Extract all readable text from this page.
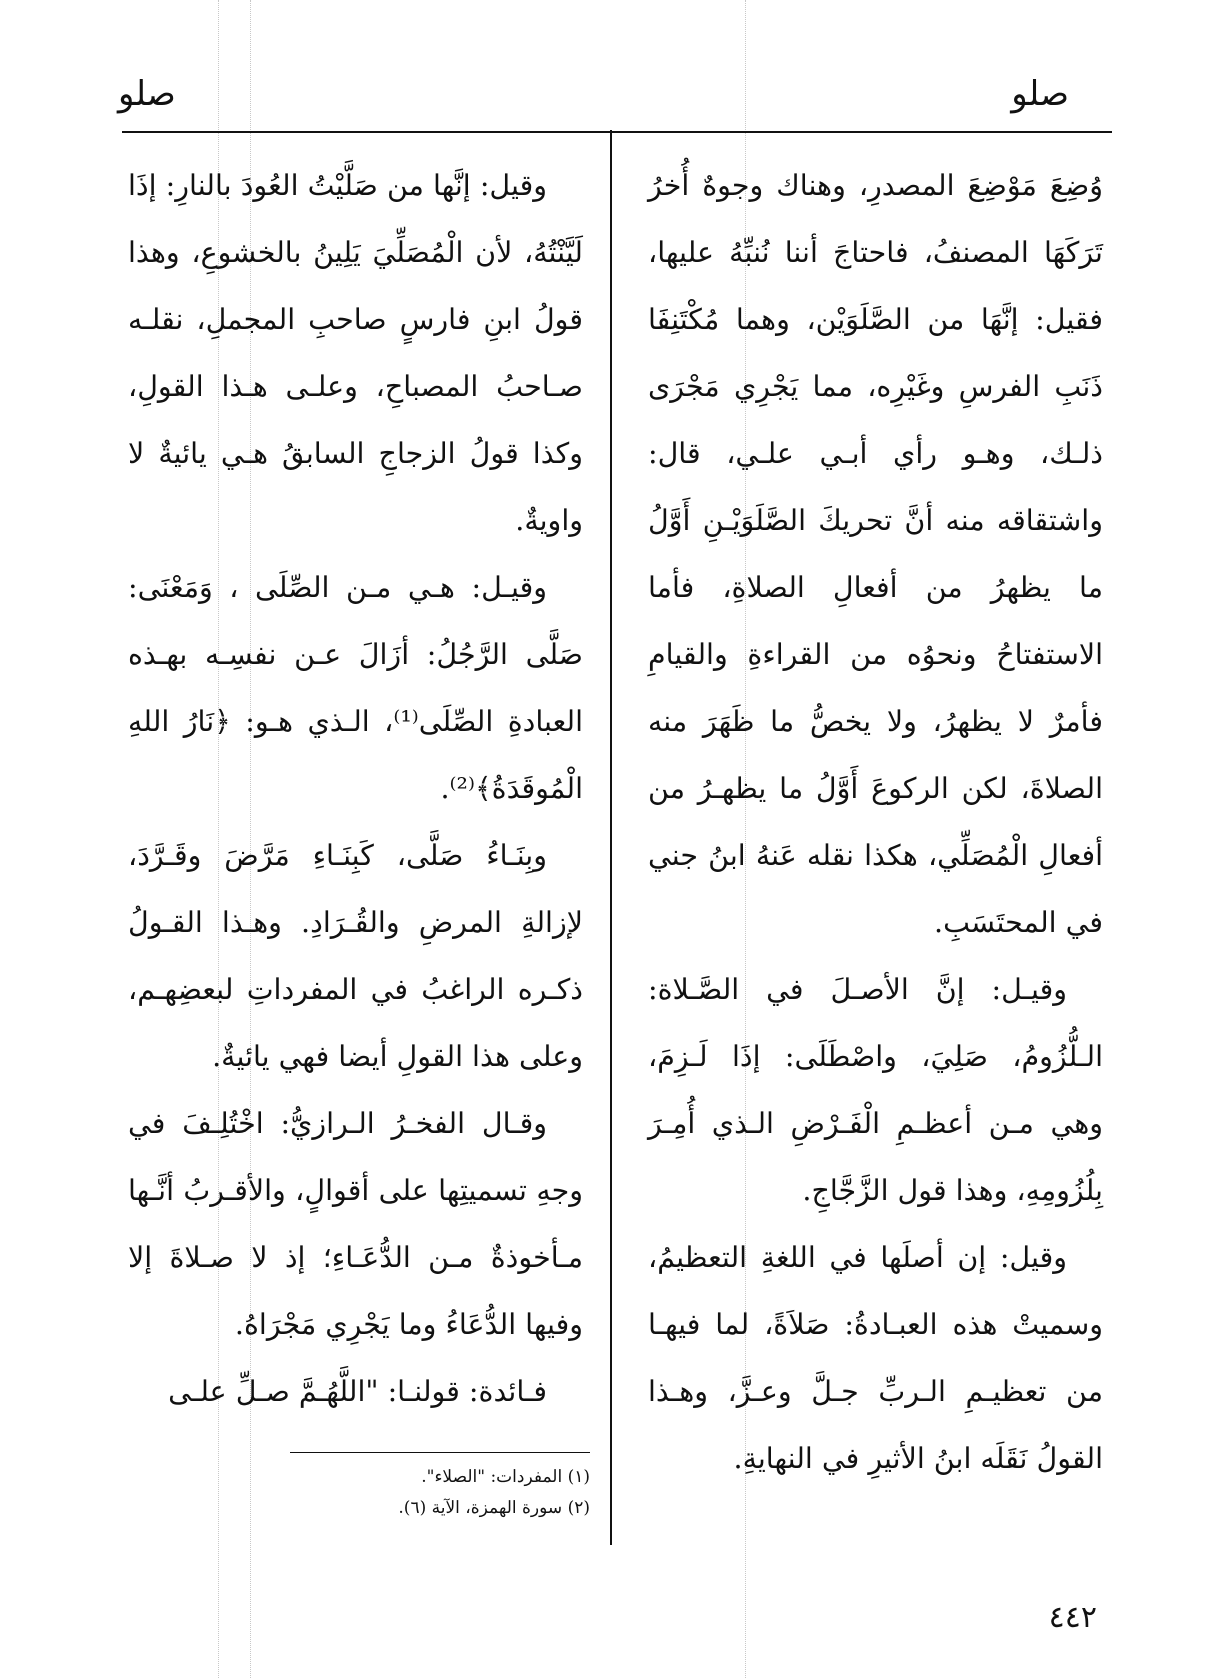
صلو	صلو

وُضِعَ مَوْضِعَ المصدرِ، وهناك وجوهٌ أُخرُ تَرَكَهَا المصنفُ، فاحتاجَ أننا نُنبِّهُ عليها، فقيل: إنَّهَا من الصَّلَوَيْن، وهما مُكْتَنِفَا ذَنَبِ الفرسِ وغَيْرِه، مما يَجْرِي مَجْرَى ذلـك، وهـو رأي أبـي علـي، قال: واشتقاقه منه أنَّ تحريكَ الصَّلَوَيْـنِ أَوَّلُ ما يظهرُ من أفعالِ الصلاةِ، فأما الاستفتاحُ ونحوُه من القراءةِ والقيامِ فأمرٌ لا يظهرُ، ولا يخصُّ ما ظَهَرَ منه الصلاةَ، لكن الركوعَ أَوَّلُ ما يظهـرُ من أفعالِ الْمُصَلِّي، هكذا نقله عَنهُ ابنُ جني في المحتَسَبِ.

وقيـل: إنَّ الأصـلَ في الصَّـلاة: الـلُّزُومُ، صَلِيَ، واصْطَلَى: إذَا لَـزِمَ، وهي مـن أعظـمِ الْفَـرْضِ الـذي أُمِـرَ بِلُزُومِهِ، وهذا قول الزَّجَّاجِ.

وقيل: إن أصلَها في اللغةِ التعظيمُ، وسميتْ هذه العبـادةُ: صَلاَةً، لما فيهـا من تعظيـمِ الـربِّ جـلَّ وعـزَّ، وهـذا القولُ نَقَلَه ابنُ الأثيرِ في النهايةِ.

وقيل: إنَّها من صَلَّيْتُ العُودَ بالنارِ: إذَا لَيَّنْتُهُ، لأن الْمُصَلِّيَ يَلِينُ بالخشوعِ، وهذا قولُ ابنِ فارسٍ صاحبِ المجملِ، نقلـه صـاحبُ المصباحِ، وعلـى هـذا القولِ، وكذا قولُ الزجاجِ السابقُ هـي يائيةٌ لا واويةٌ.

وقيـل: هـي مـن الصِّلَى ، وَمَعْنَى: صَلَّى الرَّجُلُ: أزَالَ عـن نفسِـه بهـذه العبادةِ الصِّلَى⁽¹⁾، الـذي هـو: ﴿نَارُ اللهِ الْمُوقَدَةُ﴾⁽²⁾.

وبِنَـاءُ صَلَّى، كَبِنَـاءِ مَرَّضَ وقَـرَّدَ، لإزالةِ المرضِ والقُـرَادِ. وهـذا القـولُ ذكـره الراغبُ في المفرداتِ لبعضِهـم، وعلى هذا القولِ أيضا فهي يائيةٌ.

وقـال الفخـرُ الـرازيُّ: اخْتُلِـفَ في وجهِ تسميتِها على أقوالٍ، والأقـربُ أنَّـها مـأخوذةٌ مـن الدُّعَـاءِ؛ إذ لا صـلاةَ إلا وفيها الدُّعَاءُ وما يَجْرِي مَجْرَاهُ.

فـائدة: قولنـا: "اللَّهُـمَّ صـلِّ علـى

(١) المفردات: "الصلاء".

(٢) سورة الهمزة، الآية (٦).

٤٤٢
